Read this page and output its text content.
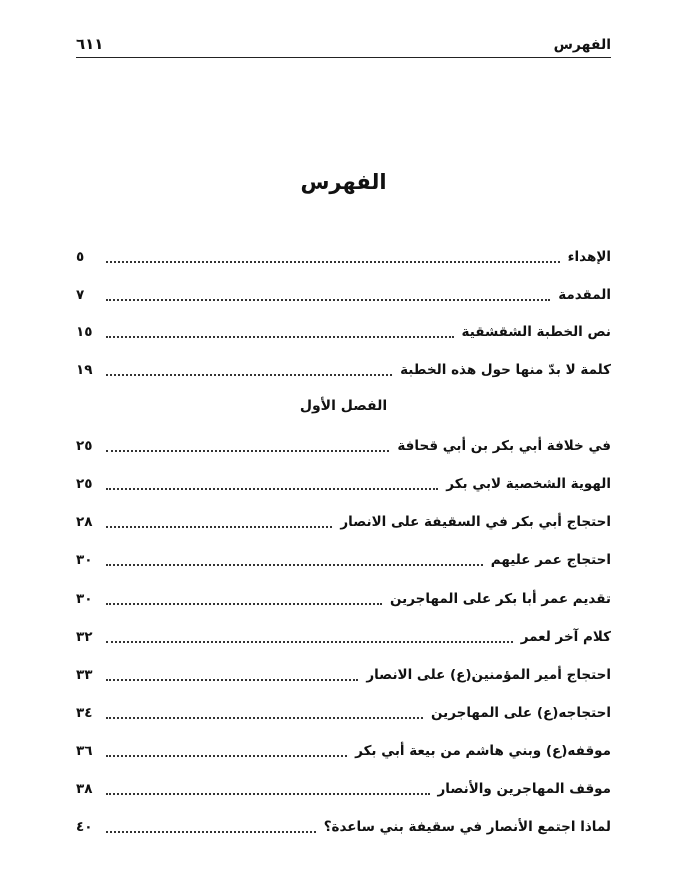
٦١١	الفهرس
الفهرس
الإهداء
٥
المقدمة
٧
نص الخطبة الشقشقية
١٥
كلمة لا بدّ منها حول هذه الخطبة
١٩
الفصل الأول
في خلافة أبي بكر بن أبي قحافة
٢٥
الهوية الشخصية لابي بكر
٢٥
احتجاج أبي بكر في السقيفة على الانصار
٢٨
احتجاج عمر عليهم
٣٠
تقديم عمر أبا بكر على المهاجرين
٣٠
كلام آخر لعمر
٣٢
احتجاج أمير المؤمنين(ع) على الانصار
٣٣
احتجاجه(ع) على المهاجرين
٣٤
موقفه(ع) وبني هاشم من بيعة أبي بكر
٣٦
موقف المهاجرين والأنصار
٣٨
لماذا اجتمع الأنصار في سقيفة بني ساعدة؟
٤٠
